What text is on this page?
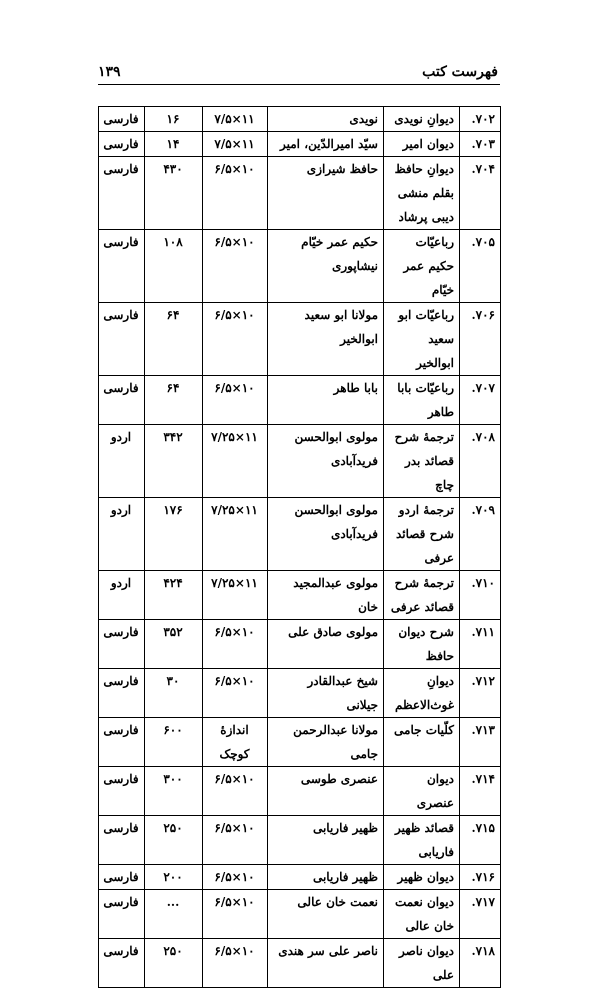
۱۳۹	فهرست کتب
۷۰۲.	دیوانِ نویدی	نویدی	۱۱×۷/۵	۱۶	فارسی
۷۰۳.	دیوان امیر	سیّد امیرالدّین، امیر	۱۱×۷/۵	۱۴	فارسی
۷۰۴.	دیوانِ حافظ بقلم منشی دیبی پرشاد	حافظ شیرازی	۱۰×۶/۵	۴۳۰	فارسی
۷۰۵.	رباعیّات حکیم عمر خیّام	حکیم عمر خیّام نیشاپوری	۱۰×۶/۵	۱۰۸	فارسی
۷۰۶.	رباعیّات ابو سعید ابوالخیر	مولانا ابو سعید ابوالخیر	۱۰×۶/۵	۶۴	فارسی
۷۰۷.	رباعیّات بابا طاهر	بابا طاهر	۱۰×۶/۵	۶۴	فارسی
۷۰۸.	ترجمۀ شرح قصائد بدر چاچ	مولوی ابوالحسن فریدآبادی	۱۱×۷/۲۵	۳۴۲	اردو
۷۰۹.	ترجمۀ اردو شرح قصائد عرفی	مولوی ابوالحسن فریدآبادی	۱۱×۷/۲۵	۱۷۶	اردو
۷۱۰.	ترجمۀ شرح قصائد عرفی	مولوی عبدالمجید خان	۱۱×۷/۲۵	۴۲۴	اردو
۷۱۱.	شرح دیوان حافظ	مولوی صادق علی	۱۰×۶/۵	۳۵۲	فارسی
۷۱۲.	دیوانِ غوث‌الاعظم	شیخ عبدالقادر جیلانی	۱۰×۶/۵	۳۰	فارسی
۷۱۳.	کلّیات جامی	مولانا عبدالرحمن جامی	اندازۀ کوچک	۶۰۰	فارسی
۷۱۴.	دیوان عنصری	عنصری طوسی	۱۰×۶/۵	۳۰۰	فارسی
۷۱۵.	قصائد ظهیر فاریابی	ظهیر فاریابی	۱۰×۶/۵	۲۵۰	فارسی
۷۱۶.	دیوان ظهیر	ظهیر فاریابی	۱۰×۶/۵	۲۰۰	فارسی
۷۱۷.	دیوان نعمت خان عالی	نعمت خان عالی	۱۰×۶/۵	...	فارسی
۷۱۸.	دیوان ناصر علی	ناصر علی سر هندی	۱۰×۶/۵	۲۵۰	فارسی
